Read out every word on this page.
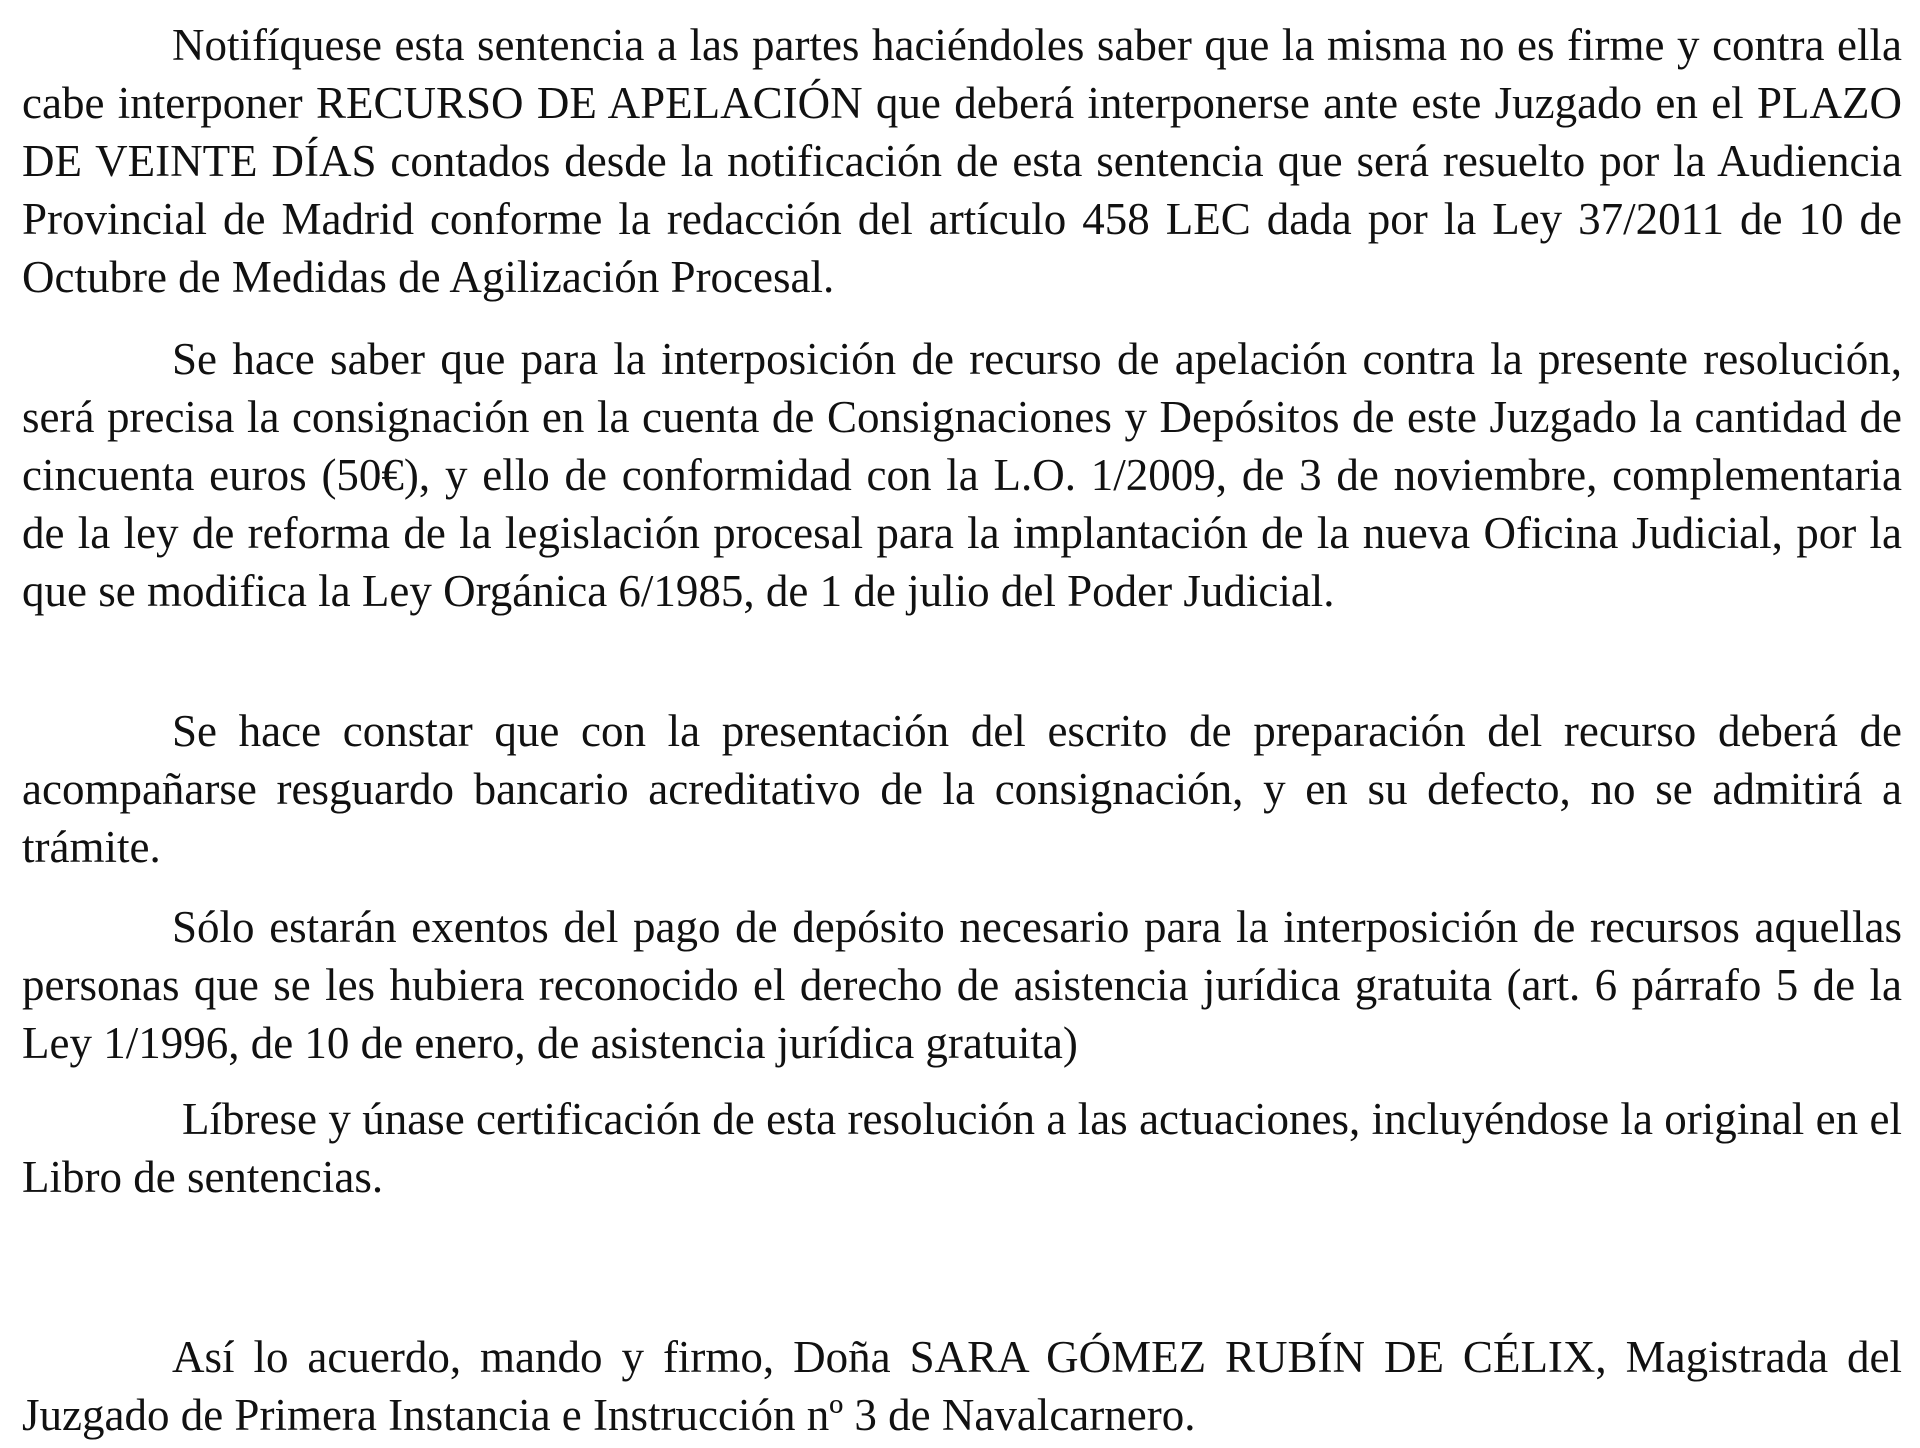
Notifíquese esta sentencia a las partes haciéndoles saber que la misma no es firme y contra ella cabe interponer RECURSO DE APELACIÓN que deberá interponerse ante este Juzgado en el PLAZO DE VEINTE DÍAS contados desde la notificación de esta sentencia que será resuelto por la Audiencia Provincial de Madrid conforme la redacción del artículo 458 LEC dada por la Ley 37/2011 de 10 de Octubre de Medidas de Agilización Procesal.

Se hace saber que para la interposición de recurso de apelación contra la presente resolución, será precisa la consignación en la cuenta de Consignaciones y Depósitos de este Juzgado la cantidad de cincuenta euros (50€), y ello de conformidad con la L.O. 1/2009, de 3 de noviembre, complementaria de la ley de reforma de la legislación procesal para la implantación de la nueva Oficina Judicial, por la que se modifica la Ley Orgánica 6/1985, de 1 de julio del Poder Judicial.

Se hace constar que con la presentación del escrito de preparación del recurso deberá de acompañarse resguardo bancario acreditativo de la consignación, y en su defecto, no se admitirá a trámite.

Sólo estarán exentos del pago de depósito necesario para la interposición de recursos aquellas personas que se les hubiera reconocido el derecho de asistencia jurídica gratuita (art. 6 párrafo 5 de la Ley 1/1996, de 10 de enero, de asistencia jurídica gratuita)

Líbrese y únase certificación de esta resolución a las actuaciones, incluyéndose la original en el Libro de sentencias.

Así lo acuerdo, mando y firmo, Doña SARA GÓMEZ RUBÍN DE CÉLIX, Magistrada del Juzgado de Primera Instancia e Instrucción nº 3 de Navalcarnero.
